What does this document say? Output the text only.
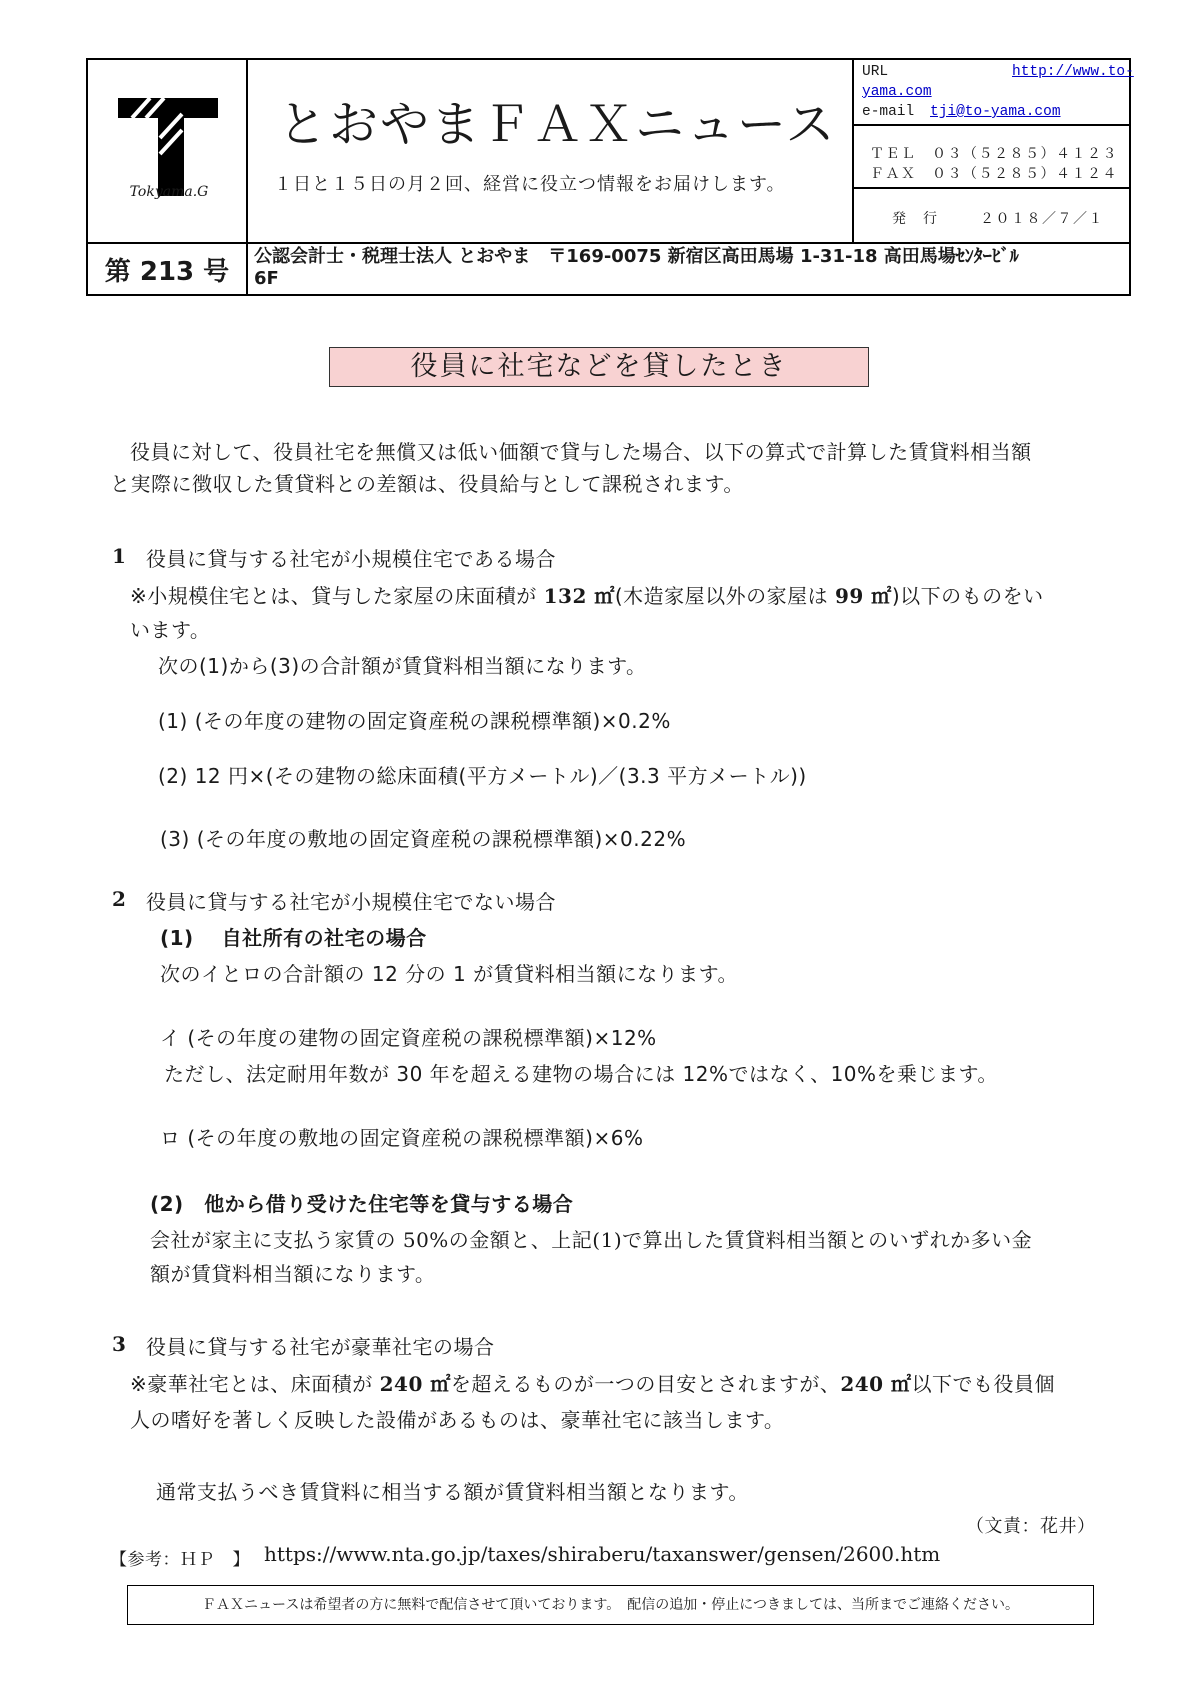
Tokyama.G
とおやまＦＡＸニュース
１日と１５日の月２回、経営に役立つ情報をお届けします。
URL	http://www.to-
yama.com
e-mail tji@to-yama.com
ＴＥＬ　０３（５２８５）４１２３
ＦＡＸ　０３（５２８５）４１２４
発　行	２０１８／７／１
第 213 号	公認会計士・税理士法人 とおやま　〒169-0075 新宿区高田馬場 1-31-18 高田馬場ｾﾝﾀｰﾋﾞﾙ
6F
役員に社宅などを貸したとき
役員に対して、役員社宅を無償又は低い価額で貸与した場合、以下の算式で計算した賃貸料相当額
と実際に徴収した賃貸料との差額は、役員給与として課税されます。
1 役員に貸与する社宅が小規模住宅である場合
※小規模住宅とは、貸与した家屋の床面積が 132 ㎡(木造家屋以外の家屋は 99 ㎡)以下のものをい
います。
次の(1)から(3)の合計額が賃貸料相当額になります。
(1) (その年度の建物の固定資産税の課税標準額)×0.2%
(2) 12 円×(その建物の総床面積(平方メートル)／(3.3 平方メートル))
(3) (その年度の敷地の固定資産税の課税標準額)×0.22%
2 役員に貸与する社宅が小規模住宅でない場合
(1)　 自社所有の社宅の場合
次のイとロの合計額の 12 分の 1 が賃貸料相当額になります。
イ (その年度の建物の固定資産税の課税標準額)×12%
ただし、法定耐用年数が 30 年を超える建物の場合には 12%ではなく、10%を乗じます。
ロ (その年度の敷地の固定資産税の課税標準額)×6%
(2)　他から借り受けた住宅等を貸与する場合
会社が家主に支払う家賃の 50%の金額と、上記(1)で算出した賃貸料相当額とのいずれか多い金
額が賃貸料相当額になります。
3 役員に貸与する社宅が豪華社宅の場合
※豪華社宅とは、床面積が 240 ㎡を超えるものが一つの目安とされますが、240 ㎡以下でも役員個
人の嗜好を著しく反映した設備があるものは、豪華社宅に該当します。
通常支払うべき賃貸料に相当する額が賃貸料相当額となります。
（文責：花井）
【参考：ＨＰ　】 https://www.nta.go.jp/taxes/shiraberu/taxanswer/gensen/2600.htm
ＦＡＸニュースは希望者の方に無料で配信させて頂いております。　配信の追加・停止につきましては、当所までご連絡ください。
